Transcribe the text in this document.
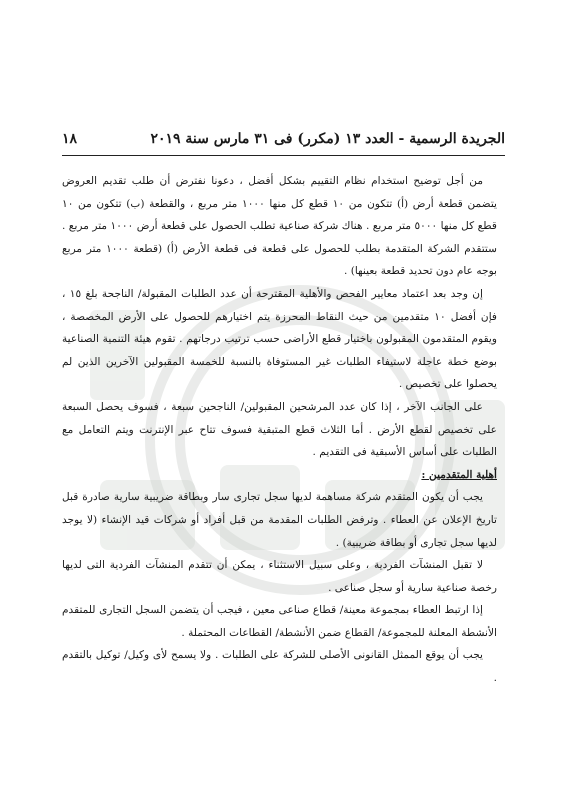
الجريدة الرسمية - العدد ١٣ (مكرر) فى ٣١ مارس سنة ٢٠١٩
١٨

من أجل توضيح استخدام نظام التقييم بشكل أفضل ، دعونا نفترض أن طلب تقديم العروض يتضمن قطعة أرض (أ) تتكون من ١٠ قطع كل منها ١٠٠٠ متر مربع ، والقطعة (ب) تتكون من ١٠ قطع كل منها ٥٠٠٠ متر مربع . هناك شركة صناعية تطلب الحصول على قطعة أرض ١٠٠٠ متر مربع . ستتقدم الشركة المتقدمة بطلب للحصول على قطعة فى قطعة الأرض (أ) (قطعة ١٠٠٠ متر مربع بوجه عام دون تحديد قطعة بعينها) .

إن وجد بعد اعتماد معايير الفحص والأهلية المقترحة أن عدد الطلبات المقبولة/ الناجحة بلغ ١٥ ، فإن أفضل ١٠ متقدمين من حيث النقاط المحرزة يتم اختيارهم للحصول على الأرض المخصصة ، ويقوم المتقدمون المقبولون باختيار قطع الأراضى حسب ترتيب درجاتهم . تقوم هيئة التنمية الصناعية بوضع خطة عاجلة لاستيفاء الطلبات غير المستوفاة بالنسبة للخمسة المقبولين الآخرين الذين لم يحصلوا على تخصيص .

على الجانب الآخر ، إذا كان عدد المرشحين المقبولين/ الناجحين سبعة ، فسوف يحصل السبعة على تخصيص لقطع الأرض . أما الثلاث قطع المتبقية فسوف تتاح عبر الإنترنت ويتم التعامل مع الطلبات على أساس الأسبقية فى التقديم .

أهلية المتقدمين :

يجب أن يكون المتقدم شركة مساهمة لديها سجل تجارى سار وبطاقة ضريبية سارية صادرة قبل تاريخ الإعلان عن العطاء . وترفض الطلبات المقدمة من قبل أفراد أو شركات قيد الإنشاء (لا يوجد لديها سجل تجارى أو بطاقة ضريبية) .

لا تقبل المنشآت الفردية ، وعلى سبيل الاستثناء ، يمكن أن تتقدم المنشآت الفردية التى لديها رخصة صناعية سارية أو سجل صناعى .

إذا ارتبط العطاء بمجموعة معينة/ قطاع صناعى معين ، فيجب أن يتضمن السجل التجارى للمتقدم الأنشطة المعلنة للمجموعة/ القطاع ضمن الأنشطة/ القطاعات المحتملة .

يجب أن يوقع الممثل القانونى الأصلى للشركة على الطلبات . ولا يسمح لأى وكيل/ توكيل بالتقدم .
